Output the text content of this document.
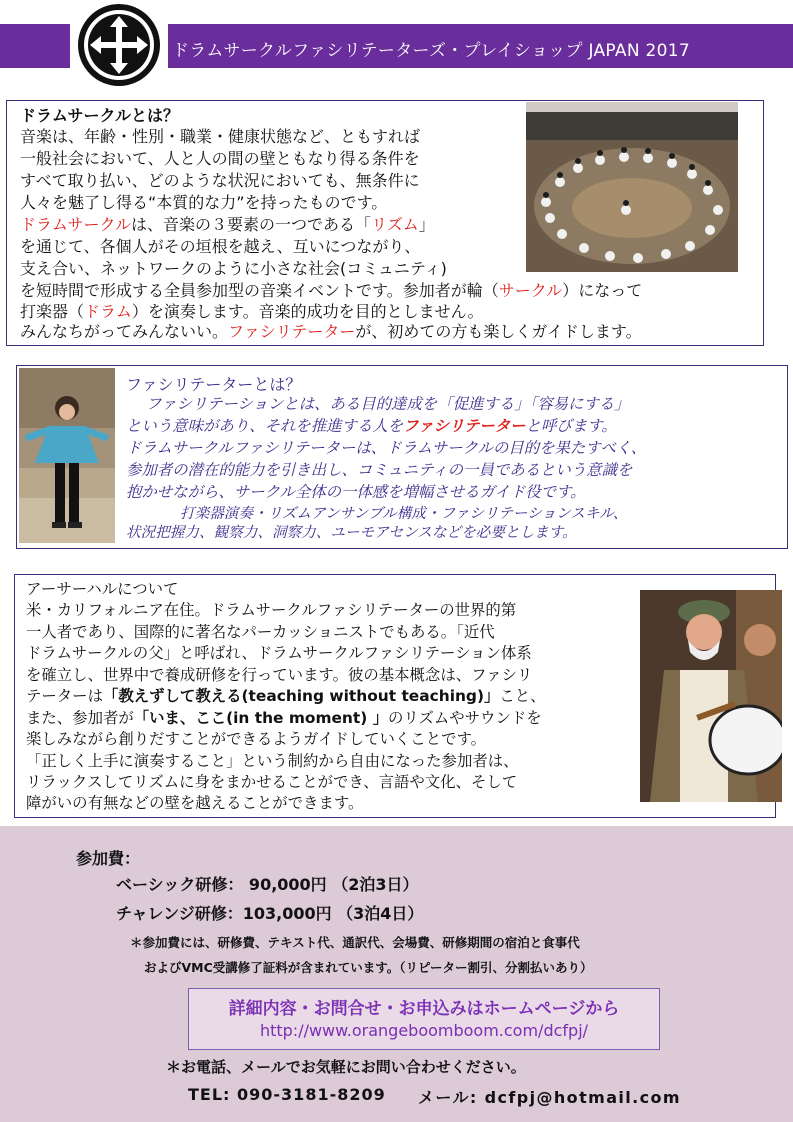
ドラムサークルファシリテーターズ・プレイショップ JAPAN 2017
ドラムサークルとは？
音楽は、年齢・性別・職業・健康状態など、ともすれば
一般社会において、人と人の間の壁ともなり得る条件を
すべて取り払い、どのような状況においても、無条件に
人々を魅了し得る“本質的な力”を持ったものです。
ドラムサークルは、音楽の３要素の一つである「リズム」
を通じて、各個人がその垣根を越え、互いにつながり、
支え合い、ネットワークのように小さな社会(コミュニティ)
を短時間で形成する全員参加型の音楽イベントです。参加者が輪（サークル）になって
打楽器（ドラム）を演奏します。音楽的成功を目的としません。
みんなちがってみんないい。ファシリテーターが、初めての方も楽しくガイドします。
ファシリテーターとは？
ファシリテーションとは、ある目的達成を「促進する」「容易にする」
という意味があり、それを推進する人をファシリテーターと呼びます。
ドラムサークルファシリテーターは、ドラムサークルの目的を果たすべく、
参加者の潜在的能力を引き出し、コミュニティの一員であるという意識を
抱かせながら、サークル全体の一体感を増幅させるガイド役です。
打楽器演奏・リズムアンサンブル構成・ファシリテーションスキル、
状況把握力、観察力、洞察力、ユーモアセンスなどを必要とします。
アーサーハルについて
米・カリフォルニア在住。ドラムサークルファシリテーターの世界的第
一人者であり、国際的に著名なパーカッショニストでもある。「近代
ドラムサークルの父」と呼ばれ、ドラムサークルファシリテーション体系
を確立し、世界中で養成研修を行っています。彼の基本概念は、ファシリ
テーターは「教えずして教える(teaching without teaching)」こと、
また、参加者が「いま、ここ(in the moment) 」のリズムやサウンドを
楽しみながら創りだすことができるようガイドしていくことです。
「正しく上手に演奏すること」という制約から自由になった参加者は、
リラックスしてリズムに身をまかせることができ、言語や文化、そして
障がいの有無などの壁を越えることができます。
参加費：
ベーシック研修： 90,000円 （2泊3日）
チャレンジ研修：103,000円 （3泊4日）
＊参加費には、研修費、テキスト代、通訳代、会場費、研修期間の宿泊と食事代
およびVMC受講修了証料が含まれています。（リピーター割引、分割払いあり）
詳細内容・お問合せ・お申込みはホームページから
http://www.orangeboomboom.com/dcfpj/
＊お電話、メールでお気軽にお問い合わせください。
TEL: 090-3181-8209 メール: dcfpj@hotmail.com
